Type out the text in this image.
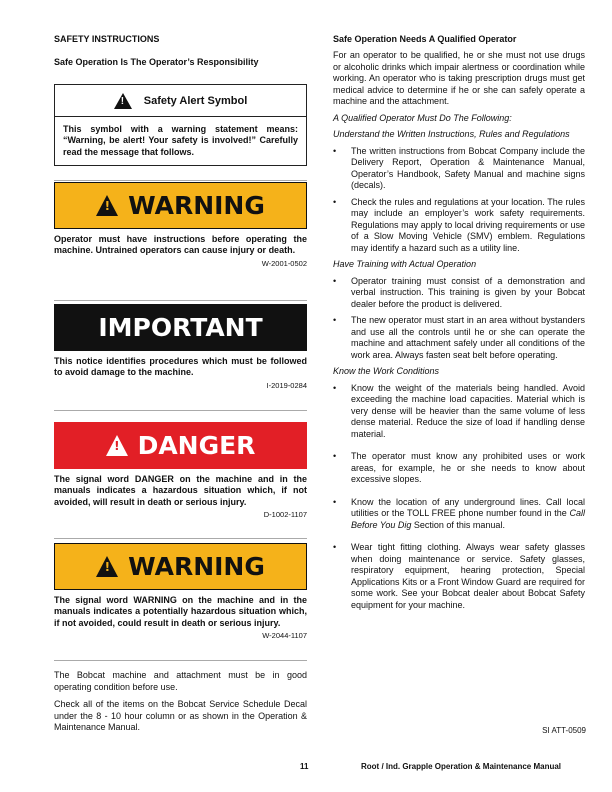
SAFETY INSTRUCTIONS

Safe Operation Is The Operator’s Responsibility

! Safety Alert Symbol
This symbol with a warning statement means: “Warning, be alert! Your safety is involved!” Carefully read the message that follows.
! WARNING

Operator must have instructions before operating the machine. Untrained operators can cause injury or death.

W-2001-0502
IMPORTANT

This notice identifies procedures which must be followed to avoid damage to the machine.

I-2019-0284
! DANGER

The signal word DANGER on the machine and in the manuals indicates a hazardous situation which, if not avoided, will result in death or serious injury.

D-1002-1107
! WARNING

The signal word WARNING on the machine and in the manuals indicates a potentially hazardous situation which, if not avoided, could result in death or serious injury.

W-2044-1107

The Bobcat machine and attachment must be in good operating condition before use.

Check all of the items on the Bobcat Service Schedule Decal under the 8 - 10 hour column or as shown in the Operation & Maintenance Manual.

Safe Operation Needs A Qualified Operator

For an operator to be qualified, he or she must not use drugs or alcoholic drinks which impair alertness or coordination while working. An operator who is taking prescription drugs must get medical advice to determine if he or she can safely operate a machine and the attachment.

A Qualified Operator Must Do The Following:

Understand the Written Instructions, Rules and Regulations

• The written instructions from Bobcat Company include the Delivery Report, Operation & Maintenance Manual, Operator’s Handbook, Safety Manual and machine signs (decals).
• Check the rules and regulations at your location. The rules may include an employer’s work safety requirements. Regulations may apply to local driving requirements or use of a Slow Moving Vehicle (SMV) emblem. Regulations may identify a hazard such as a utility line.

Have Training with Actual Operation

• Operator training must consist of a demonstration and verbal instruction. This training is given by your Bobcat dealer before the product is delivered.
• The new operator must start in an area without bystanders and use all the controls until he or she can operate the machine and attachment safely under all conditions of the work area. Always fasten seat belt before operating.

Know the Work Conditions

• Know the weight of the materials being handled. Avoid exceeding the machine load capacities. Material which is very dense will be heavier than the same volume of less dense material. Reduce the size of load if handling dense material.
• The operator must know any prohibited uses or work areas, for example, he or she needs to know about excessive slopes.
• Know the location of any underground lines. Call local utilities or the TOLL FREE phone number found in the Call Before You Dig Section of this manual.
• Wear tight fitting clothing. Always wear safety glasses when doing maintenance or service. Safety glasses, respiratory equipment, hearing protection, Special Applications Kits or a Front Window Guard are required for some work. See your Bobcat dealer about Bobcat Safety equipment for your machine.
SI ATT-0509
11	Root / Ind. Grapple Operation & Maintenance Manual
